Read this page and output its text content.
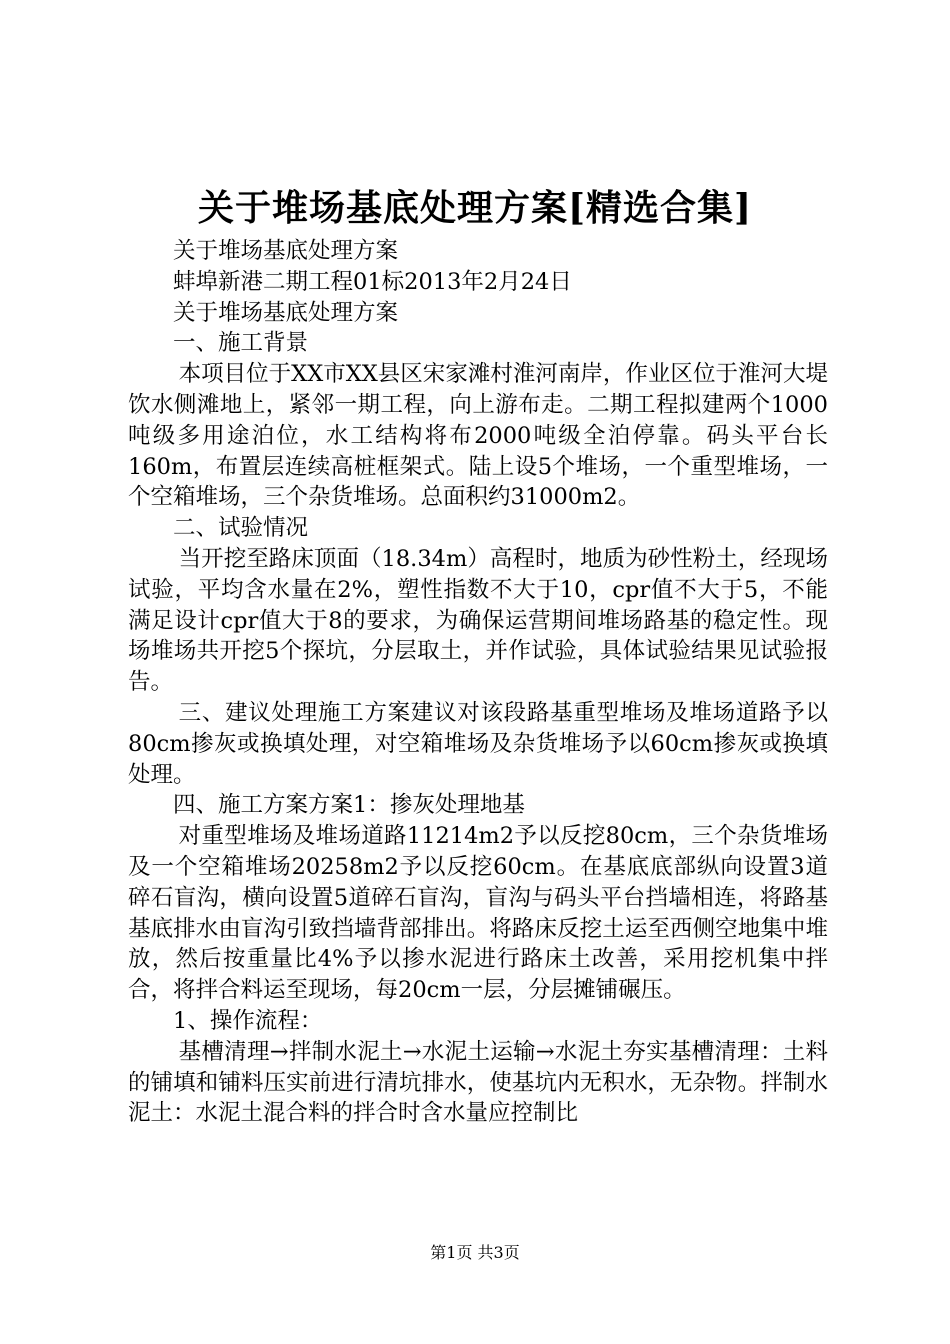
关于堆场基底处理方案[精选合集]

关于堆场基底处理方案

蚌埠新港二期工程01标2013年2月24日

关于堆场基底处理方案

一、施工背景

本项目位于XX市XX县区宋家滩村淮河南岸，作业区位于淮河大堤饮水侧滩地上，紧邻一期工程，向上游布走。二期工程拟建两个1000吨级多用途泊位，水工结构将布2000吨级全泊停靠。码头平台长160m，布置层连续高桩框架式。陆上设5个堆场，一个重型堆场，一个空箱堆场，三个杂货堆场。总面积约31000m2。

二、试验情况

当开挖至路床顶面（18.34m）高程时，地质为砂性粉土，经现场试验，平均含水量在2%，塑性指数不大于10，cpr值不大于5，不能满足设计cpr值大于8的要求，为确保运营期间堆场路基的稳定性。现场堆场共开挖5个探坑，分层取土，并作试验，具体试验结果见试验报告。

三、建议处理施工方案建议对该段路基重型堆场及堆场道路予以80cm掺灰或换填处理，对空箱堆场及杂货堆场予以60cm掺灰或换填处理。

四、施工方案方案1：掺灰处理地基

对重型堆场及堆场道路11214m2予以反挖80cm，三个杂货堆场及一个空箱堆场20258m2予以反挖60cm。在基底底部纵向设置3道碎石盲沟，横向设置5道碎石盲沟，盲沟与码头平台挡墙相连，将路基基底排水由盲沟引致挡墙背部排出。将路床反挖土运至西侧空地集中堆放，然后按重量比4%予以掺水泥进行路床土改善，采用挖机集中拌合，将拌合料运至现场，每20cm一层，分层摊铺碾压。

1、操作流程：

基槽清理→拌制水泥土→水泥土运输→水泥土夯实基槽清理：土料的铺填和铺料压实前进行清坑排水，使基坑内无积水，无杂物。拌制水泥土：水泥土混合料的拌合时含水量应控制比

第1页 共3页
